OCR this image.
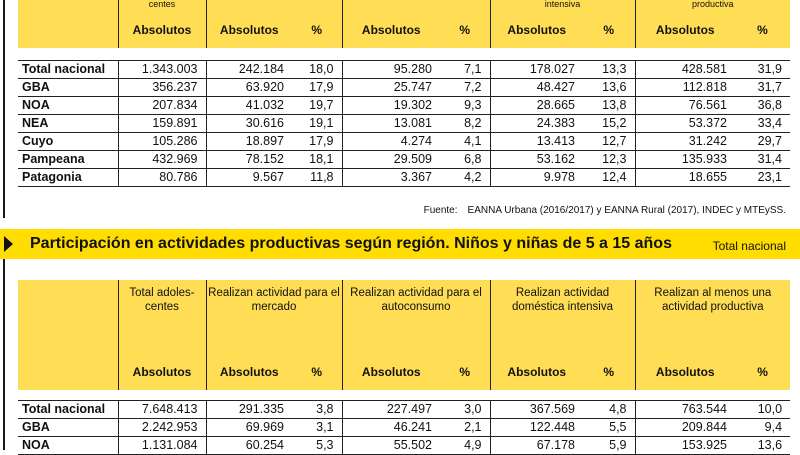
	centes					intensiva		productiva	
	Absolutos	Absolutos	%	Absolutos	%	Absolutos	%	Absolutos	%

Total nacional	1.343.003	242.184	18,0	95.280	7,1	178.027	13,3	428.581	31,9
GBA	356.237	63.920	17,9	25.747	7,2	48.427	13,6	112.818	31,7
NOA	207.834	41.032	19,7	19.302	9,3	28.665	13,8	76.561	36,8
NEA	159.891	30.616	19,1	13.081	8,2	24.383	15,2	53.372	33,4
Cuyo	105.286	18.897	17,9	4.274	4,1	13.413	12,7	31.242	29,7
Pampeana	432.969	78.152	18,1	29.509	6,8	53.162	12,3	135.933	31,4
Patagonia	80.786	9.567	11,8	3.367	4,2	9.978	12,4	18.655	23,1
Fuente: EANNA Urbana (2016/2017) y EANNA Rural (2017), INDEC y MTEySS.
Participación en actividades productivas según región. Niños y niñas de 5 a 15 años	Total nacional
	Total adoles- centes	Realizan actividad para el mercado		Realizan actividad para el autoconsumo		Realizan actividad doméstica intensiva		Realizan al menos una actividad productiva	
	Absolutos	Absolutos	%	Absolutos	%	Absolutos	%	Absolutos	%

Total nacional	7.648.413	291.335	3,8	227.497	3,0	367.569	4,8	763.544	10,0
GBA	2.242.953	69.969	3,1	46.241	2,1	122.448	5,5	209.844	9,4
NOA	1.131.084	60.254	5,3	55.502	4,9	67.178	5,9	153.925	13,6
